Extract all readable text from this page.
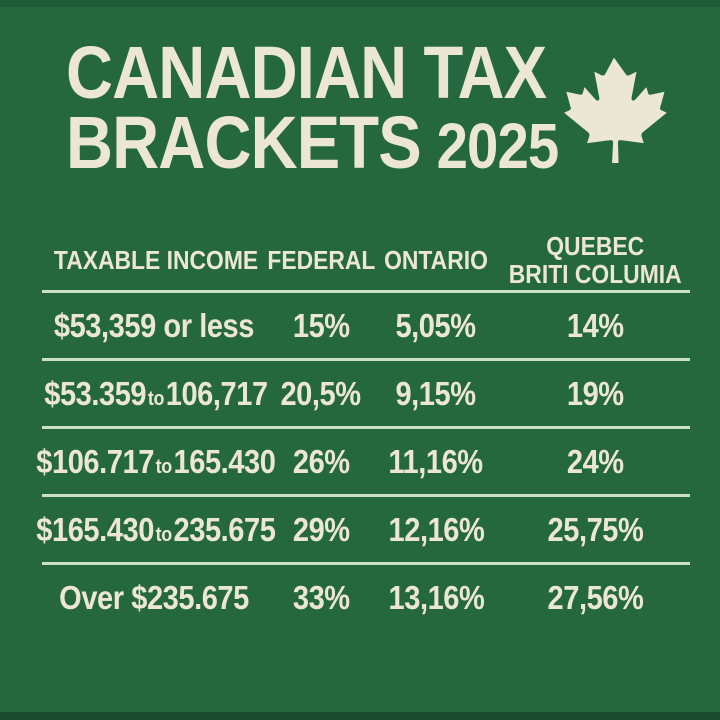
CANADIAN TAX
BRACKETS 2025
TAXABLE INCOME FEDERAL ONTARIO	QUEBEC
BRITI COLUMIA
$53,359 or less 15% 5,05%	14%
$53.359to106,717 20,5% 9,15%	19%
$106.717to165.430 26% 11,16%	24%
$165.430to235.675 29% 12,16% 25,75%
Over $235.675 33% 13,16% 27,56%
